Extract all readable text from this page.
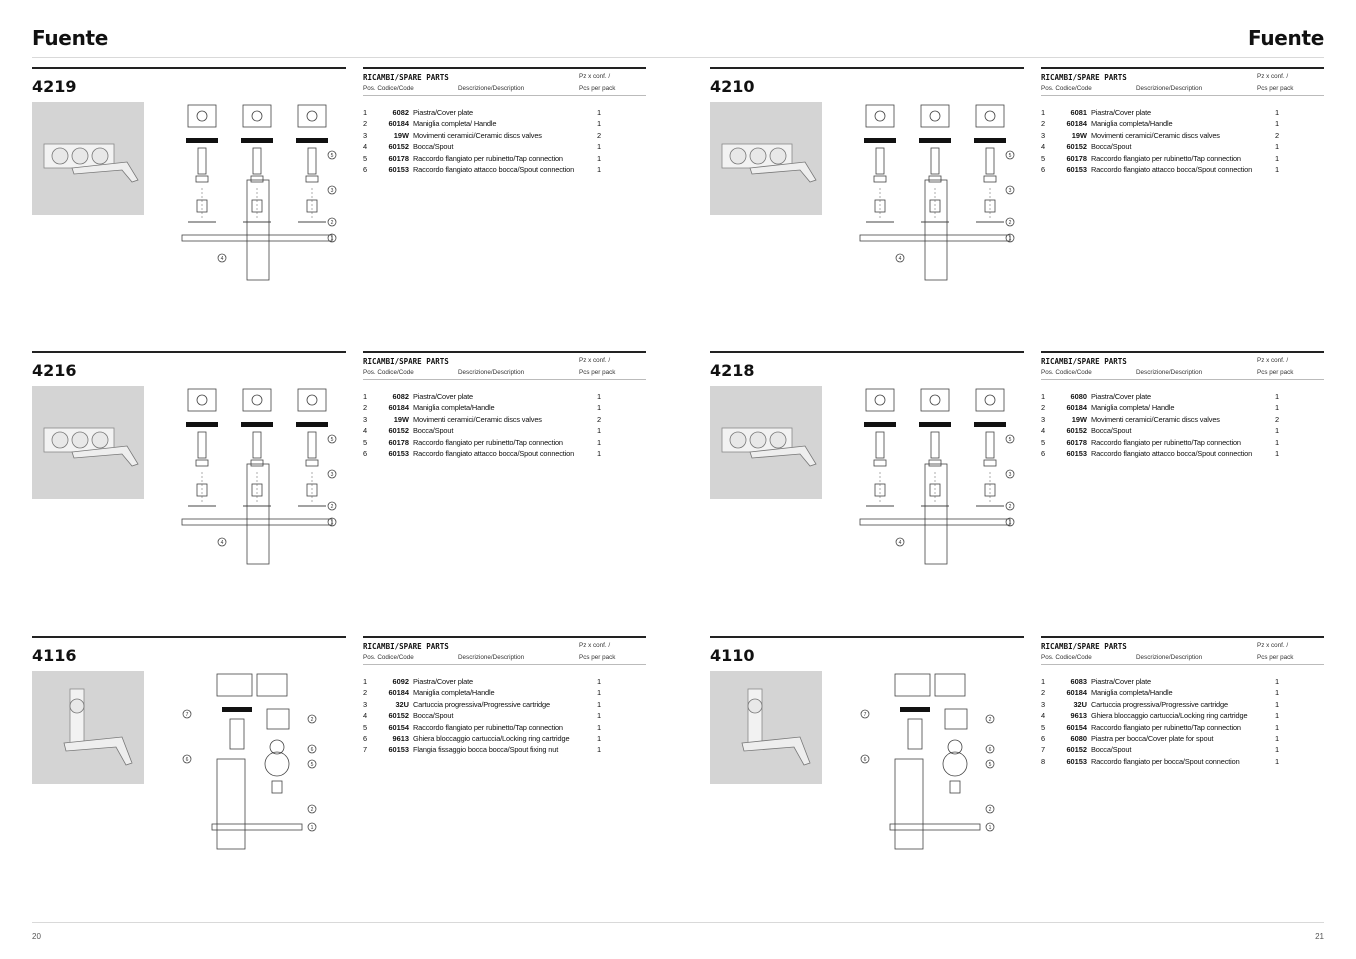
Fuente	Fuente
4219
5
3
2
1
4
RICAMBI/SPARE PARTS
Pos. Codice/Code	Descrizione/Description
Pz x conf. /
Pcs per pack
1	6082 Piastra/Cover plate	1
2	60184 Maniglia completa/ Handle	1
3	19W Movimenti ceramici/Ceramic discs valves	2
4	60152 Bocca/Spout	1
5	60178 Raccordo flangiato per rubinetto/Tap connection	1
6	60153 Raccordo flangiato attacco bocca/Spout connection	1
4210
5
3
2
1
4
RICAMBI/SPARE PARTS
Pos. Codice/Code	Descrizione/Description
Pz x conf. /
Pcs per pack
1	6081 Piastra/Cover plate	1
2	60184 Maniglia completa/Handle	1
3	19W Movimenti ceramici/Ceramic discs valves	2
4	60152 Bocca/Spout	1
5	60178 Raccordo flangiato per rubinetto/Tap connection	1
6	60153 Raccordo flangiato attacco bocca/Spout connection	1
4216
5
3
2
1
4
RICAMBI/SPARE PARTS
Pos. Codice/Code	Descrizione/Description
Pz x conf. /
Pcs per pack
1	6082 Piastra/Cover plate	1
2	60184 Maniglia completa/Handle	1
3	19W Movimenti ceramici/Ceramic discs valves	2
4	60152 Bocca/Spout	1
5	60178 Raccordo flangiato per rubinetto/Tap connection	1
6	60153 Raccordo flangiato attacco bocca/Spout connection	1
4218
5
3
2
1
4
RICAMBI/SPARE PARTS
Pos. Codice/Code	Descrizione/Description
Pz x conf. /
Pcs per pack
1	6080 Piastra/Cover plate	1
2	60184 Maniglia completa/ Handle	1
3	19W Movimenti ceramici/Ceramic discs valves	2
4	60152 Bocca/Spout	1
5	60178 Raccordo flangiato per rubinetto/Tap connection	1
6	60153 Raccordo flangiato attacco bocca/Spout connection	1
4116
2
7
6
6
5
2
1
RICAMBI/SPARE PARTS
Pos. Codice/Code	Descrizione/Description
Pz x conf. /
Pcs per pack
1	6092 Piastra/Cover plate	1
2	60184 Maniglia completa/Handle	1
3	32U Cartuccia progressiva/Progressive cartridge	1
4	60152 Bocca/Spout	1
5	60154 Raccordo flangiato per rubinetto/Tap connection	1
6	9613 Ghiera bloccaggio cartuccia/Locking ring cartridge	1
7	60153 Flangia fissaggio bocca bocca/Spout fixing nut	1
4110
2
7
6
6
5
2
1
RICAMBI/SPARE PARTS
Pos. Codice/Code	Descrizione/Description
Pz x conf. /
Pcs per pack
1	6083 Piastra/Cover plate	1
2	60184 Maniglia completa/Handle	1
3	32U Cartuccia progressiva/Progressive cartridge	1
4	9613 Ghiera bloccaggio cartuccia/Locking ring cartridge	1
5	60154 Raccordo flangiato per rubinetto/Tap connection	1
6	6080 Piastra per bocca/Cover plate for spout	1
7	60152 Bocca/Spout	1
8	60153 Raccordo flangiato per bocca/Spout connection	1
20	21
